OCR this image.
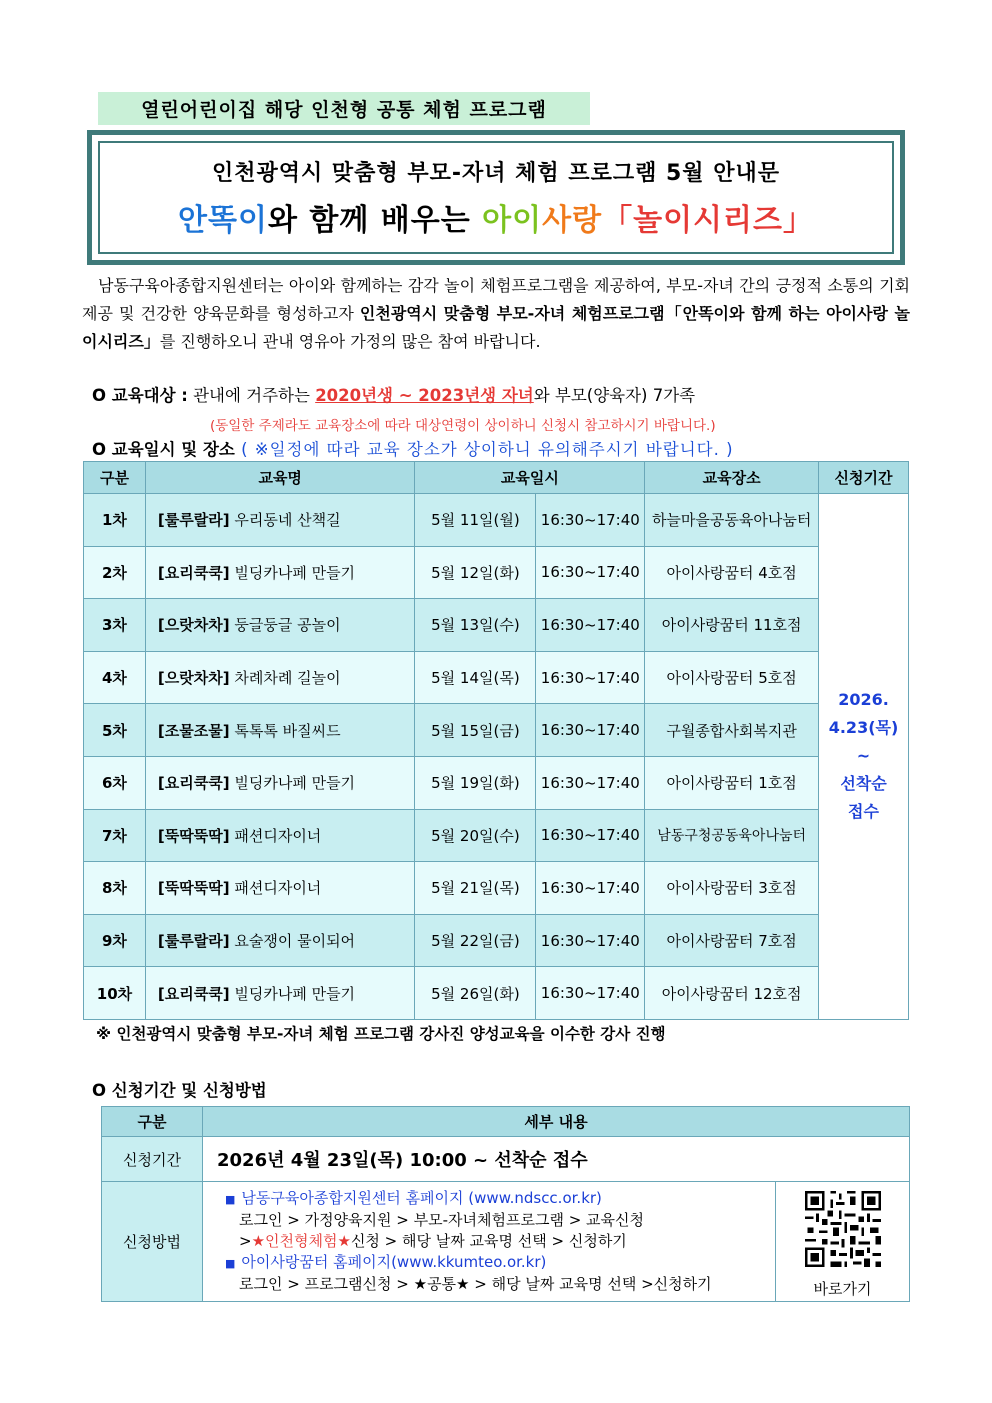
열린어린이집 해당 인천형 공통 체험 프로그램
인천광역시 맞춤형 부모-자녀 체험 프로그램 5월 안내문
안똑이와 함께 배우는 아이사랑「놀이시리즈」
남동구육아종합지원센터는 아이와 함께하는 감각 놀이 체험프로그램을 제공하여, 부모-자녀 간의 긍정적 소통의 기회 제공 및 건강한 양육문화를 형성하고자 인천광역시 맞춤형 부모-자녀 체험프로그램「안똑이와 함께 하는 아이사랑 놀이시리즈」를 진행하오니 관내 영유아 가정의 많은 참여 바랍니다.
O 교육대상 : 관내에 거주하는 2020년생 ~ 2023년생 자녀와 부모(양육자) 7가족
(동일한 주제라도 교육장소에 따라 대상연령이 상이하니 신청시 참고하시기 바랍니다.)
O 교육일시 및 장소 ( ※일정에 따라 교육 장소가 상이하니 유의해주시기 바랍니다. )
구분	교육명	교육일시		교육장소	신청기간
1차	[룰루랄라] 우리동네 산책길	5월 11일(월)	16:30~17:40	하늘마을공동육아나눔터	2026.
4.23(목)
~
선착순
접수

2차	[요리쿡쿡] 빌딩카나페 만들기	5월 12일(화)	16:30~17:40	아이사랑꿈터 4호점	
3차	[으랏차차] 둥글둥글 공놀이	5월 13일(수)	16:30~17:40	아이사랑꿈터 11호점	
4차	[으랏차차] 차례차례 길놀이	5월 14일(목)	16:30~17:40	아이사랑꿈터 5호점	
5차	[조물조물] 톡톡톡 바질씨드	5월 15일(금)	16:30~17:40	구월종합사회복지관	
6차	[요리쿡쿡] 빌딩카나페 만들기	5월 19일(화)	16:30~17:40	아이사랑꿈터 1호점	
7차	[뚝딱뚝딱] 패션디자이너	5월 20일(수)	16:30~17:40	남동구청공동육아나눔터	
8차	[뚝딱뚝딱] 패션디자이너	5월 21일(목)	16:30~17:40	아이사랑꿈터 3호점	
9차	[룰루랄라] 요술쟁이 물이되어	5월 22일(금)	16:30~17:40	아이사랑꿈터 7호점	
10차	[요리쿡쿡] 빌딩카나페 만들기	5월 26일(화)	16:30~17:40	아이사랑꿈터 12호점	
※ 인천광역시 맞춤형 부모-자녀 체험 프로그램 강사진 양성교육을 이수한 강사 진행
O 신청기간 및 신청방법
구분	세부 내용	
신청기간	2026년 4월 23일(목) 10:00 ~ 선착순 접수	
신청방법	■ 남동구육아종합지원센터 홈페이지 (www.ndscc.or.kr)
로그인 > 가정양육지원 > 부모-자녀체험프로그램 > 교육신청
>★인천형체험★신청 > 해당 날짜 교육명 선택 > 신청하기
■ 아이사랑꿈터 홈페이지(www.kkumteo.or.kr)
로그인 > 프로그램신청 > ★공통★ > 해당 날짜 교육명 선택 >신청하기	바로가기
